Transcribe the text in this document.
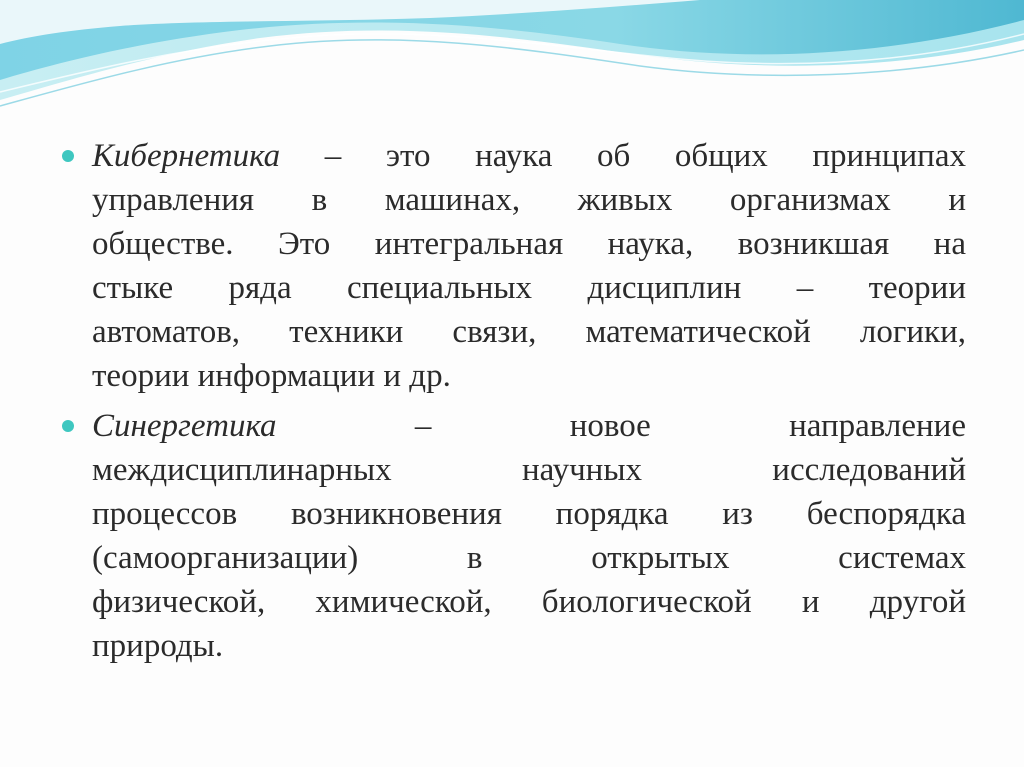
Кибернетика – это наука об общих принципах
управления в машинах, живых организмах и
обществе. Это интегральная наука, возникшая на
стыке ряда специальных дисциплин – теории
автоматов, техники связи, математической логики,
теории информации и др.
Синергетика – новое направление
междисциплинарных научных исследований
процессов возникновения порядка из беспорядка
(самоорганизации) в открытых системах
физической, химической, биологической и другой
природы.
